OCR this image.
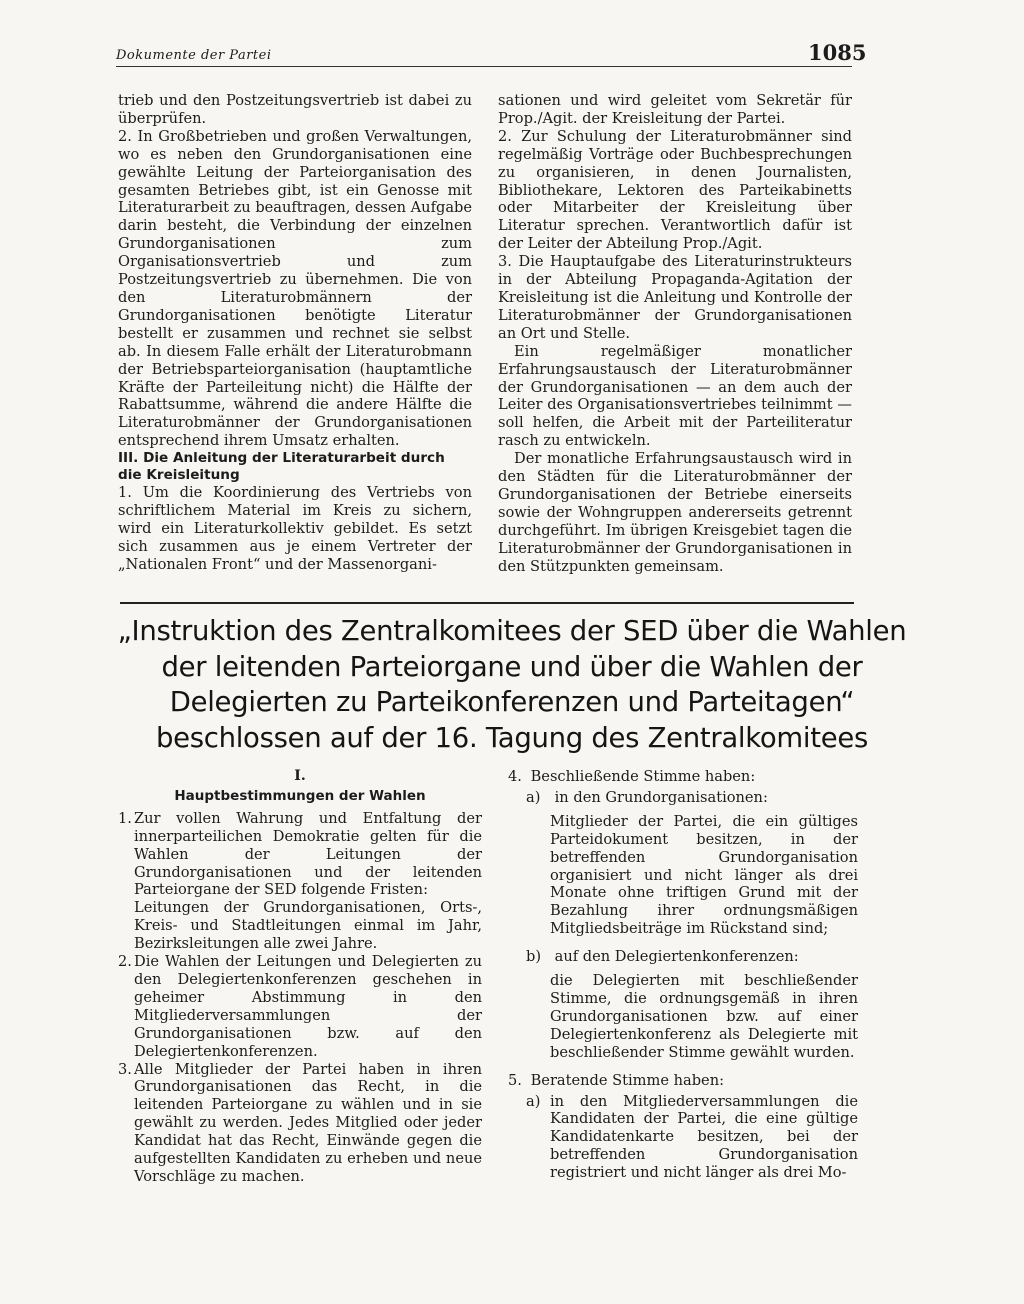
Dokumente der Partei	1085

trieb und den Postzeitungsvertrieb ist dabei zu überprüfen.

2. In Großbetrieben und großen Verwaltungen, wo es neben den Grundorganisationen eine gewählte Leitung der Parteiorganisation des gesamten Betriebes gibt, ist ein Genosse mit Literaturarbeit zu beauftragen, dessen Aufgabe darin besteht, die Verbindung der einzelnen Grundorganisationen zum Organisationsvertrieb und zum Postzeitungsvertrieb zu übernehmen. Die von den Literaturobmännern der Grundorganisationen benötigte Literatur bestellt er zusammen und rechnet sie selbst ab. In diesem Falle erhält der Literaturobmann der Betriebsparteiorganisation (hauptamtliche Kräfte der Parteileitung nicht) die Hälfte der Rabattsumme, während die andere Hälfte die Literaturobmänner der Grundorganisationen entsprechend ihrem Umsatz erhalten.

III. Die Anleitung der Literaturarbeit durch die Kreisleitung

1. Um die Koordinierung des Vertriebs von schriftlichem Material im Kreis zu sichern, wird ein Literaturkollektiv gebildet. Es setzt sich zusammen aus je einem Vertreter der „Nationalen Front“ und der Massenorgani-

sationen und wird geleitet vom Sekretär für Prop./Agit. der Kreisleitung der Partei.

2. Zur Schulung der Literaturobmänner sind regelmäßig Vorträge oder Buchbesprechungen zu organisieren, in denen Journalisten, Bibliothekare, Lektoren des Parteikabinetts oder Mitarbeiter der Kreisleitung über Literatur sprechen. Verantwortlich dafür ist der Leiter der Abteilung Prop./Agit.

3. Die Hauptaufgabe des Literaturinstrukteurs in der Abteilung Propaganda-Agitation der Kreisleitung ist die Anleitung und Kontrolle der Literaturobmänner der Grundorganisationen an Ort und Stelle.

Ein regelmäßiger monatlicher Erfahrungsaustausch der Literaturobmänner der Grundorganisationen — an dem auch der Leiter des Organisationsvertriebes teilnimmt — soll helfen, die Arbeit mit der Parteiliteratur rasch zu entwickeln.

Der monatliche Erfahrungsaustausch wird in den Städten für die Literaturobmänner der Grundorganisationen der Betriebe einerseits sowie der Wohngruppen andererseits getrennt durchgeführt. Im übrigen Kreisgebiet tagen die Literaturobmänner der Grundorganisationen in den Stützpunkten gemeinsam.

„Instruktion des Zentralkomitees der SED über die Wahlen
der leitenden Parteiorgane und über die Wahlen der
Delegierten zu Parteikonferenzen und Parteitagen“
beschlossen auf der 16. Tagung des Zentralkomitees

I.

Hauptbestimmungen der Wahlen

1. Zur vollen Wahrung und Entfaltung der innerparteilichen Demokratie gelten für die Wahlen der Leitungen der Grundorganisationen und der leitenden Parteiorgane der SED folgende Fristen:

Leitungen der Grundorganisationen, Orts-, Kreis- und Stadtleitungen einmal im Jahr, Bezirksleitungen alle zwei Jahre.

2. Die Wahlen der Leitungen und Delegierten zu den Delegiertenkonferenzen geschehen in geheimer Abstimmung in den Mitgliederversammlungen der Grundorganisationen bzw. auf den Delegiertenkonferenzen.
3. Alle Mitglieder der Partei haben in ihren Grundorganisationen das Recht, in die leitenden Parteiorgane zu wählen und in sie gewählt zu werden. Jedes Mitglied oder jeder Kandidat hat das Recht, Einwände gegen die aufgestellten Kandidaten zu erheben und neue Vorschläge zu machen.

4. Beschließende Stimme haben:

a) in den Grundorganisationen:

Mitglieder der Partei, die ein gültiges Parteidokument besitzen, in der betreffenden Grundorganisation organisiert und nicht länger als drei Monate ohne triftigen Grund mit der Bezahlung ihrer ordnungsmäßigen Mitgliedsbeiträge im Rückstand sind;

b) auf den Delegiertenkonferenzen:

die Delegierten mit beschließender Stimme, die ordnungsgemäß in ihren Grundorganisationen bzw. auf einer Delegiertenkonferenz als Delegierte mit beschließender Stimme gewählt wurden.

5. Beratende Stimme haben:

a) in den Mitgliederversammlungen die Kandidaten der Partei, die eine gültige Kandidatenkarte besitzen, bei der betreffenden Grundorganisation registriert und nicht länger als drei Mo-
